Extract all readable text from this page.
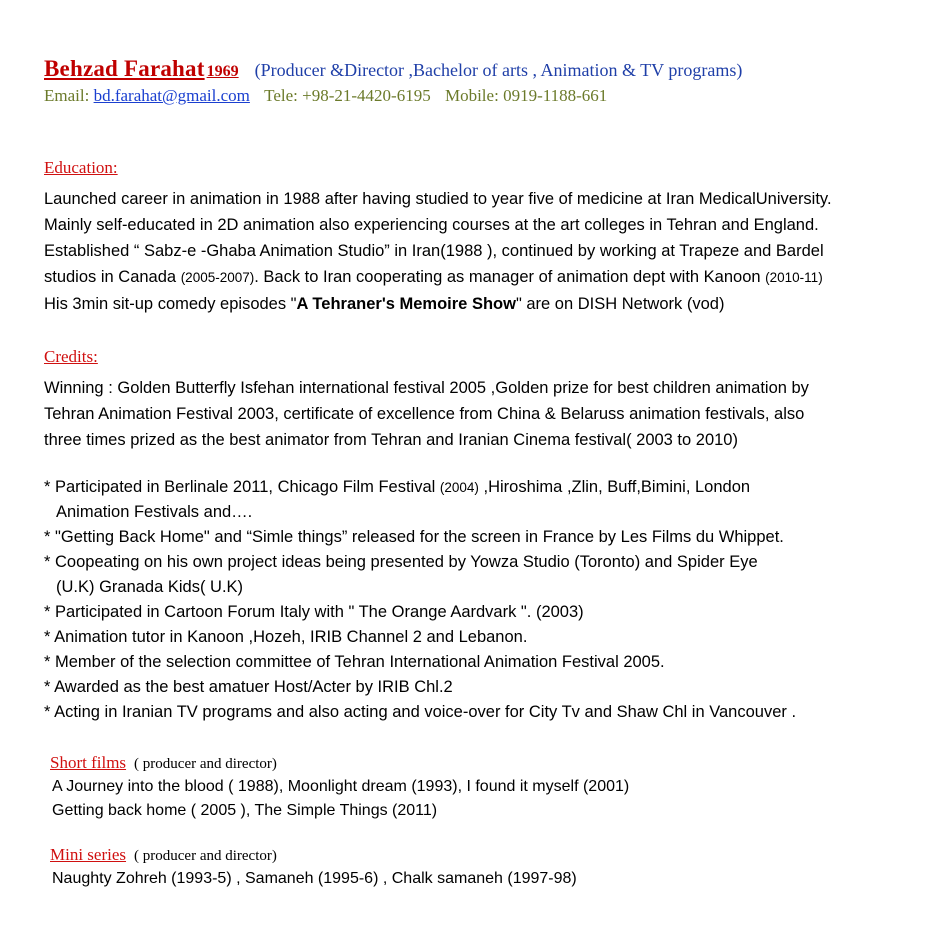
Behzad Farahat 1969 (Producer &Director ,Bachelor of arts , Animation & TV programs)
Email: bd.farahat@gmail.com Tele: +98-21-4420-6195 Mobile: 0919-1188-661
Education:
Launched career in animation in 1988 after having studied to year five of medicine at Iran MedicalUniversity.
Mainly self-educated in 2D animation also experiencing courses at the art colleges in Tehran and England.
Established “ Sabz-e -Ghaba Animation Studio” in Iran(1988 ), continued by working at Trapeze and Bardel
studios in Canada (2005-2007). Back to Iran cooperating as manager of animation dept with Kanoon (2010-11)
His 3min sit-up comedy episodes "A Tehraner's Memoire Show" are on DISH Network (vod)
Credits:
Winning : Golden Butterfly Isfehan international festival 2005 ,Golden prize for best children animation by
Tehran Animation Festival 2003, certificate of excellence from China & Belaruss animation festivals, also
three times prized as the best animator from Tehran and Iranian Cinema festival( 2003 to 2010)
* Participated in Berlinale 2011, Chicago Film Festival (2004) ,Hiroshima ,Zlin, Buff,Bimini, London
Animation Festivals and….
* "Getting Back Home" and “Simle things” released for the screen in France by Les Films du Whippet.
* Coopeating on his own project ideas being presented by Yowza Studio (Toronto) and Spider Eye
(U.K) Granada Kids( U.K)
* Participated in Cartoon Forum Italy with " The Orange Aardvark ". (2003)
* Animation tutor in Kanoon ,Hozeh, IRIB Channel 2 and Lebanon.
* Member of the selection committee of Tehran International Animation Festival 2005.
* Awarded as the best amatuer Host/Acter by IRIB Chl.2
* Acting in Iranian TV programs and also acting and voice-over for City Tv and Shaw Chl in Vancouver .
Short films ( producer and director)
A Journey into the blood ( 1988), Moonlight dream (1993), I found it myself (2001)
Getting back home ( 2005 ), The Simple Things (2011)
Mini series ( producer and director)
Naughty Zohreh (1993-5) , Samaneh (1995-6) , Chalk samaneh (1997-98)
